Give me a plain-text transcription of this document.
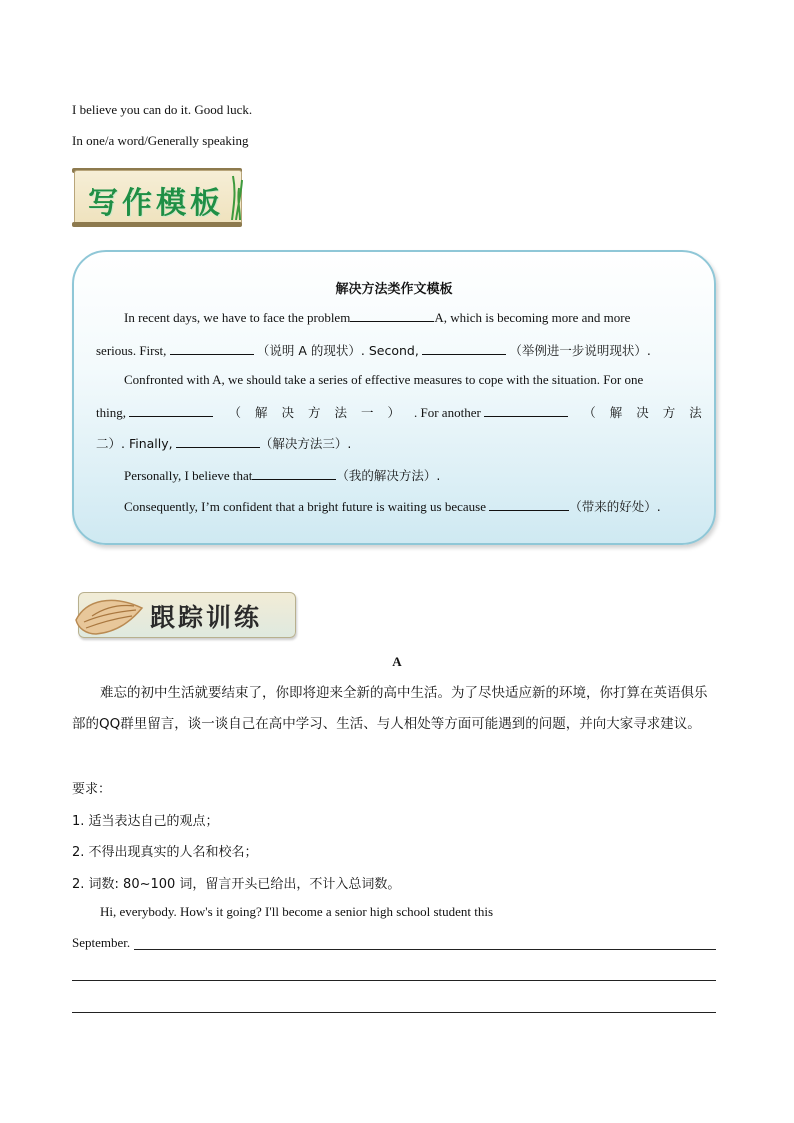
I believe you can do it. Good luck.
In one/a word/Generally speaking
写作模板
解决方法类作文模板
In recent days, we have to face the problem	A, which is becoming more and more
serious. First,	（说明 A 的现状）. Second,	（举例进一步说明现状）.
Confronted with A, we should take a series of effective measures to cope with the situation. For one
thing,	（解决方法一）. For another	（解决方法
二）. Finally,	（解决方法三）.
Personally, I believe that	（我的解决方法）.
Consequently, I’m confident that a bright future is waiting us because	（带来的好处）.
跟踪训练
A
难忘的初中生活就要结束了，你即将迎来全新的高中生活。为了尽快适应新的环境，你打算在英语俱乐部的QQ群里留言，谈一谈自己在高中学习、生活、与人相处等方面可能遇到的问题，并向大家寻求建议。
要求：
1. 适当表达自己的观点；
2. 不得出现真实的人名和校名；
2. 词数: 80~100 词，留言开头已给出，不计入总词数。
Hi, everybody. How's it going? I'll become a senior high school student this
September.
